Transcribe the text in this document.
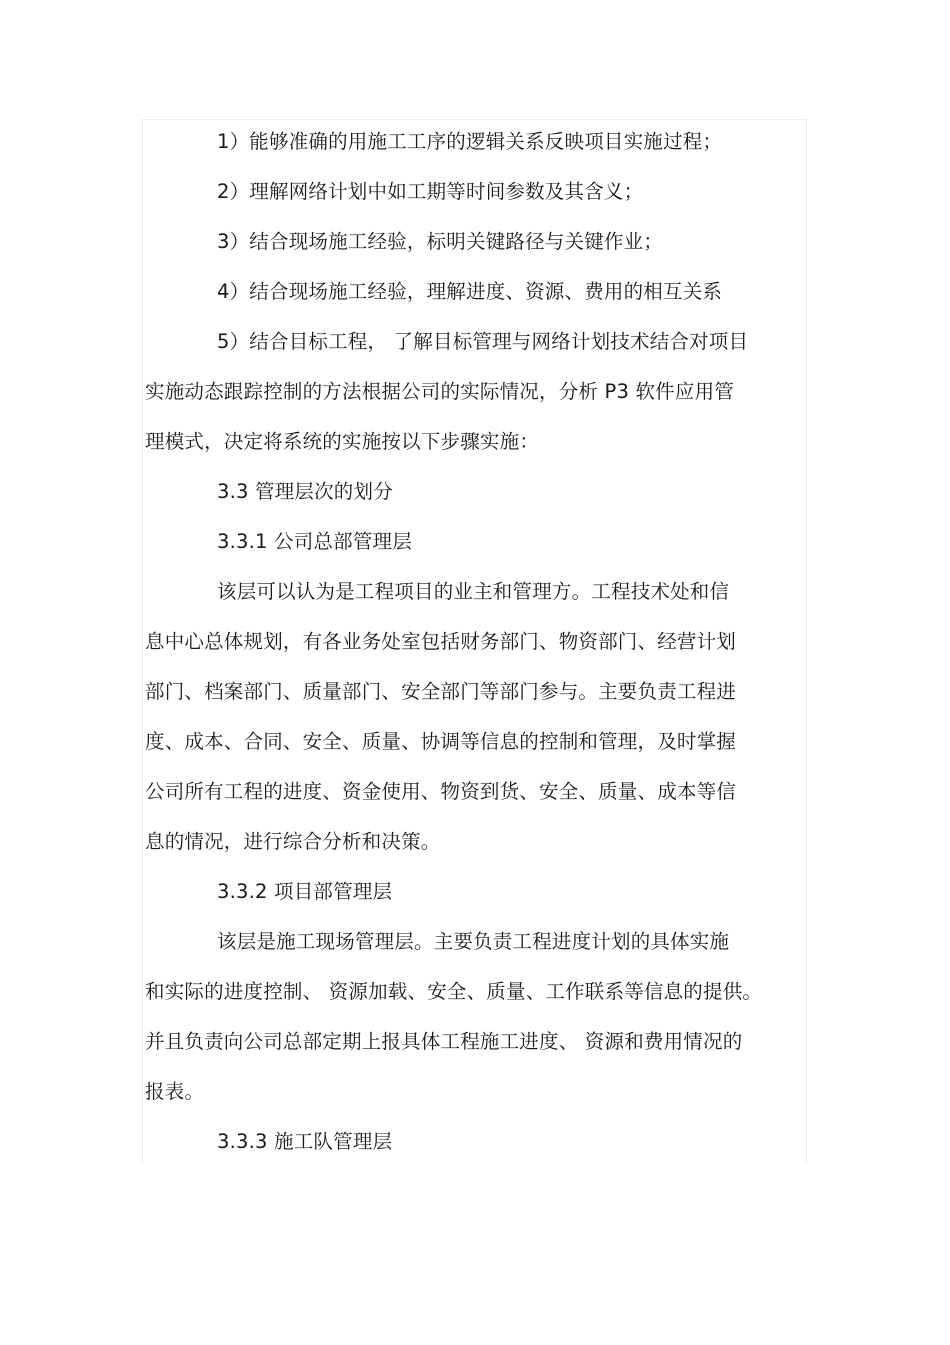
1）能够准确的用施工工序的逻辑关系反映项目实施过程；
2）理解网络计划中如工期等时间参数及其含义；
3）结合现场施工经验，标明关键路径与关键作业；
4）结合现场施工经验，理解进度、资源、费用的相互关系
5）结合目标工程， 了解目标管理与网络计划技术结合对项目
实施动态跟踪控制的方法根据公司的实际情况，分析 P3 软件应用管
理模式，决定将系统的实施按以下步骤实施：
3.3 管理层次的划分
3.3.1 公司总部管理层
该层可以认为是工程项目的业主和管理方。工程技术处和信
息中心总体规划，有各业务处室包括财务部门、物资部门、经营计划
部门、档案部门、质量部门、安全部门等部门参与。主要负责工程进
度、成本、合同、安全、质量、协调等信息的控制和管理，及时掌握
公司所有工程的进度、资金使用、物资到货、安全、质量、成本等信
息的情况，进行综合分析和决策。
3.3.2 项目部管理层
该层是施工现场管理层。主要负责工程进度计划的具体实施
和实际的进度控制、 资源加载、安全、质量、工作联系等信息的提供。
并且负责向公司总部定期上报具体工程施工进度、 资源和费用情况的
报表。
3.3.3 施工队管理层
